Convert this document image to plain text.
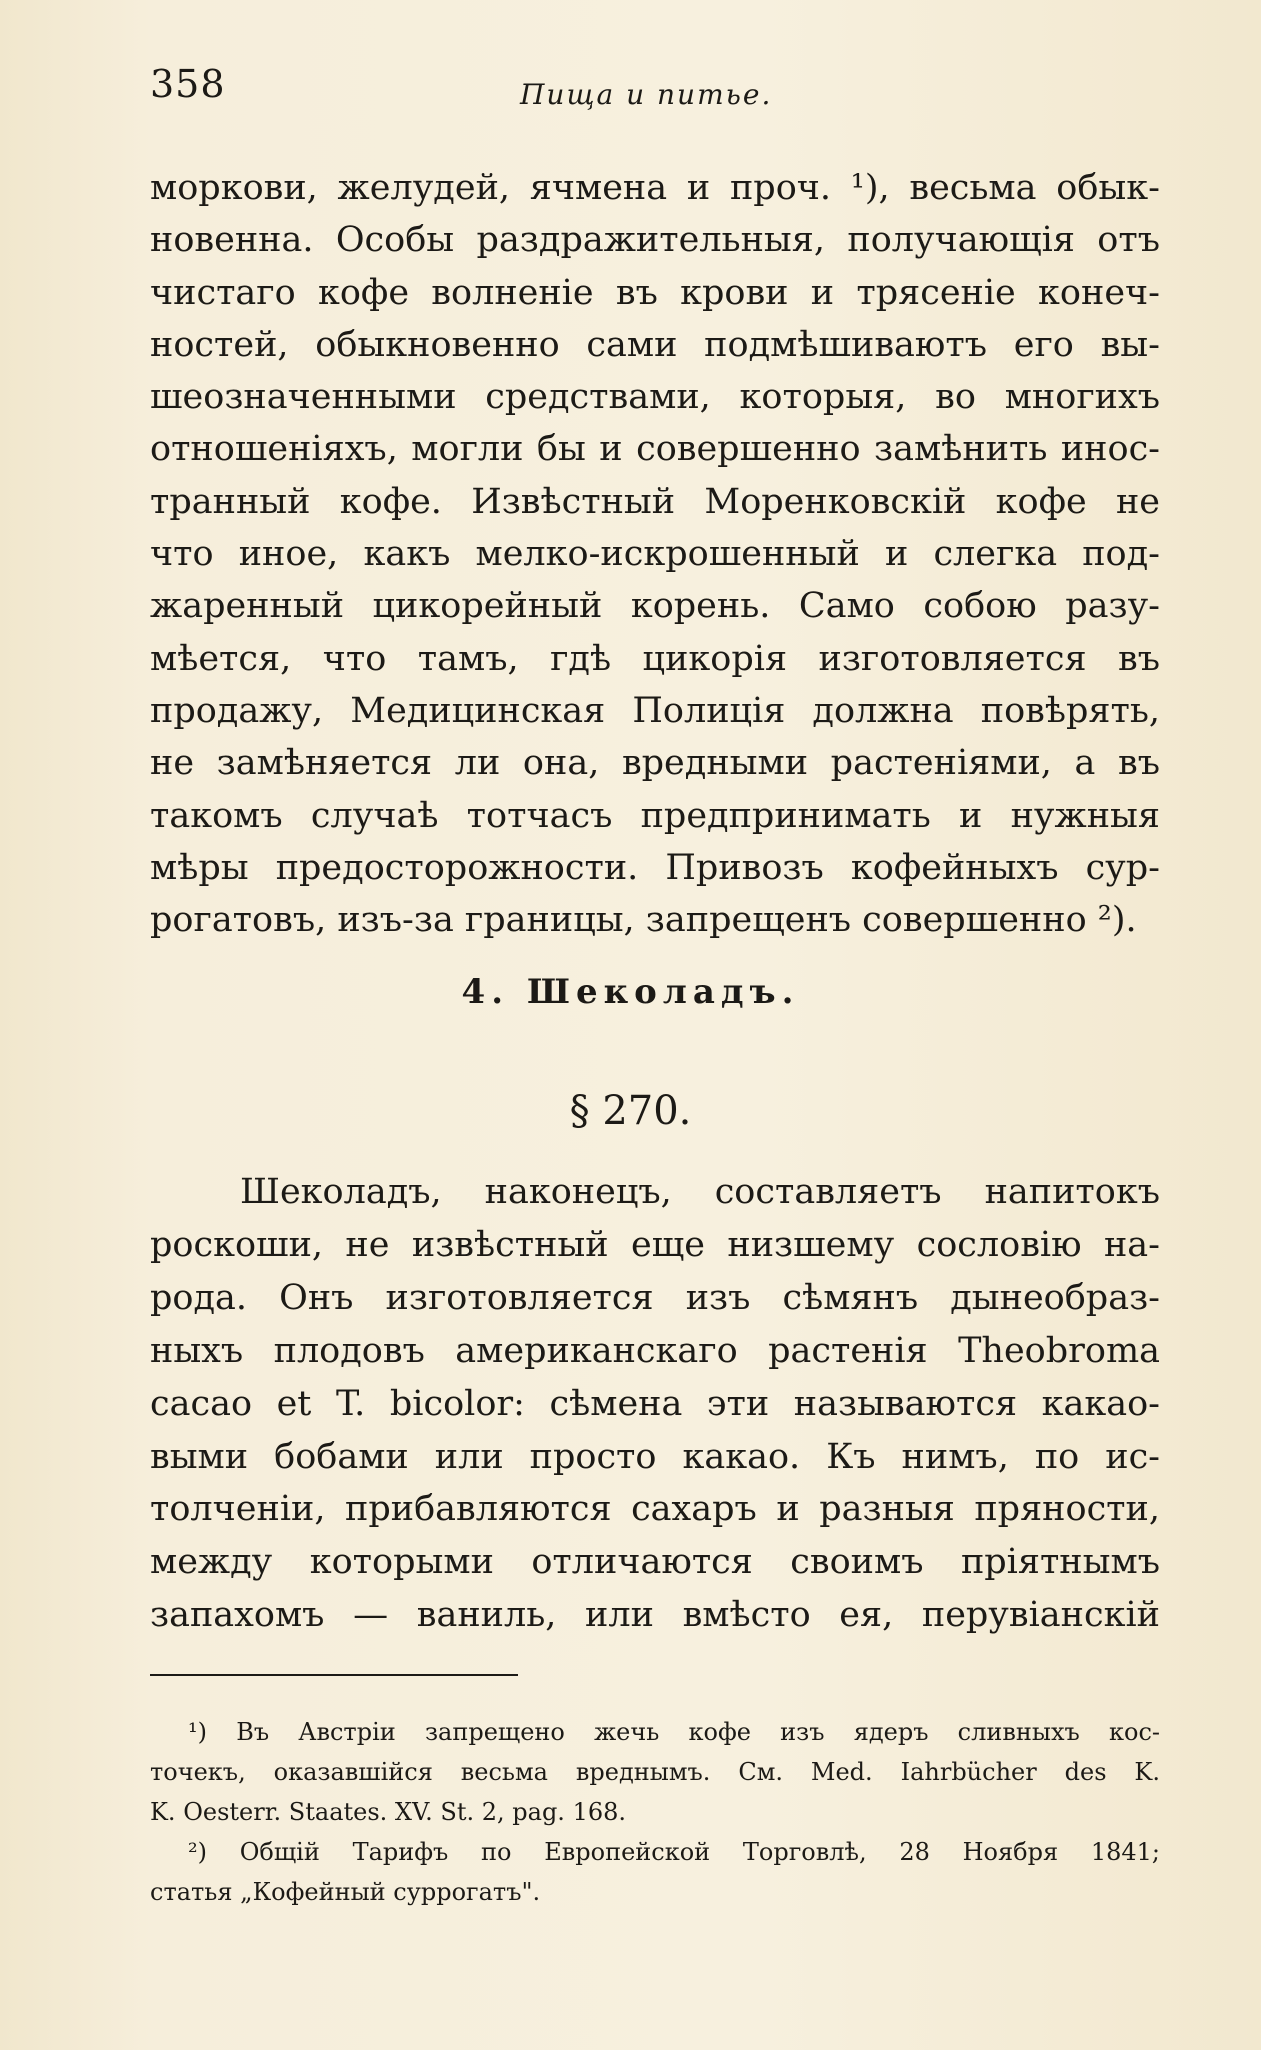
358	Пища и питье.
моркови, желудей, ячмена и проч. ¹), весьма обык-
новенна. Особы раздражительныя, получающія отъ
чистаго кофе волненіе въ крови и трясеніе конеч-
ностей, обыкновенно сами подмѣшиваютъ его вы-
шеозначенными средствами, которыя, во многихъ
отношеніяхъ, могли бы и совершенно замѣнить инос-
транный кофе. Извѣстный Моренковскій кофе не
что иное, какъ мелко-искрошенный и слегка под-
жаренный цикорейный корень. Само собою разу-
мѣется, что тамъ, гдѣ цикорія изготовляется въ
продажу, Медицинская Полиція должна повѣрять,
не замѣняется ли она, вредными растеніями, а въ
такомъ случаѣ тотчасъ предпринимать и нужныя
мѣры предосторожности. Привозъ кофейныхъ сур-
рогатовъ, изъ-за границы, запрещенъ совершенно ²).
4. Шеколадъ.
§ 270.
Шеколадъ, наконецъ, составляетъ напитокъ
роскоши, не извѣстный еще низшему сословію на-
рода. Онъ изготовляется изъ сѣмянъ дынеобраз-
ныхъ плодовъ американскаго растенія Theobroma
cacao et T. bicolor: сѣмена эти называются какао-
выми бобами или просто какао. Къ нимъ, по ис-
толченіи, прибавляются сахаръ и разныя пряности,
между которыми отличаются своимъ пріятнымъ
запахомъ — ваниль, или вмѣсто ея, перувіанскій
¹) Въ Австріи запрещено жечь кофе изъ ядеръ сливныхъ кос-
точекъ, оказавшійся весьма вреднымъ. См. Med. Iahrbücher des K.
K. Oesterr. Staates. XV. St. 2, pag. 168.
²) Общій Тарифъ по Европейской Торговлѣ, 28 Ноября 1841;
статья „Кофейный суррогатъ".
